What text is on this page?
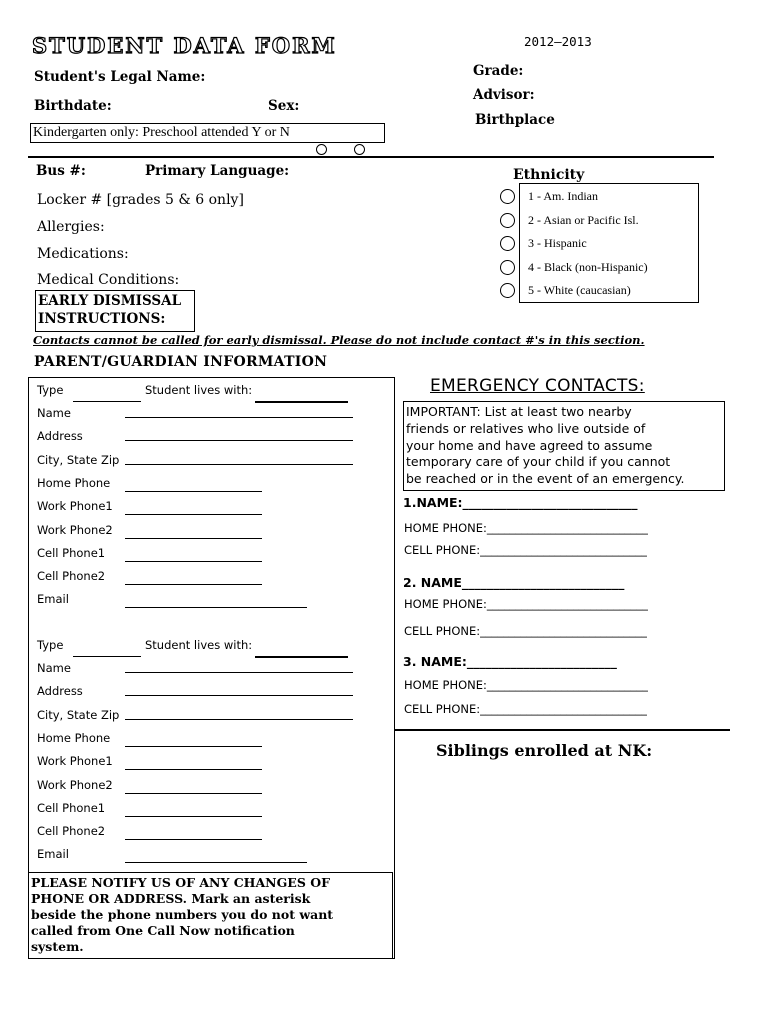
STUDENT DATA FORM	2012–2013
Student's Legal Name:
Birthdate:	Sex:
Grade:
Advisor:
Birthplace
Kindergarten only: Preschool attended Y or N
Bus #:	Primary Language:
Locker # [grades 5 & 6 only]
Allergies:
Medications:
Medical Conditions:
EARLY DISMISSAL
INSTRUCTIONS:
Contacts cannot be called for early dismissal. Please do not include contact #'s in this section.
Ethnicity
1 - Am. Indian
2 - Asian or Pacific Isl.
3 - Hispanic
4 - Black (non-Hispanic)
5 - White (caucasian)
PARENT/GUARDIAN INFORMATION
Type	Student lives with:
Name
Address
City, State Zip
Home Phone
Work Phone1
Work Phone2
Cell Phone1
Cell Phone2
Email
Type	Student lives with:
Name
Address
City, State Zip
Home Phone
Work Phone1
Work Phone2
Cell Phone1
Cell Phone2
Email
PLEASE NOTIFY US OF ANY CHANGES OF
PHONE OR ADDRESS. Mark an asterisk
beside the phone numbers you do not want
called from One Call Now notification
system.
EMERGENCY CONTACTS:
IMPORTANT: List at least two nearby
friends or relatives who live outside of
your home and have agreed to assume
temporary care of your child if you cannot
be reached or in the event of an emergency.
1.NAME:____________________________
HOME PHONE:____________________________
CELL PHONE:_____________________________
2. NAME__________________________
HOME PHONE:____________________________
CELL PHONE:_____________________________
3. NAME:________________________
HOME PHONE:____________________________
CELL PHONE:_____________________________
Siblings enrolled at NK:
